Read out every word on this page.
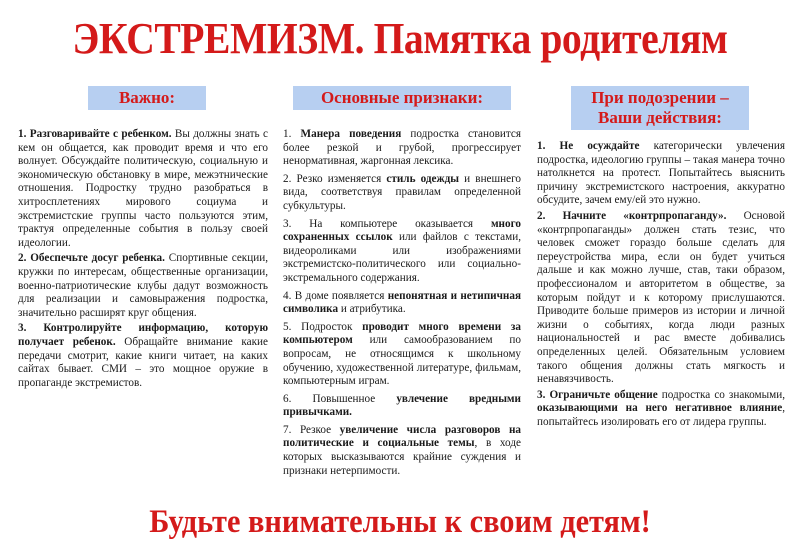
ЭКСТРЕМИЗМ. Памятка родителям
Важно:

1. Разговаривайте с ребенком. Вы должны знать с кем он общается, как проводит время и что его волнует. Обсуждайте политическую, социальную и экономическую обстановку в мире, межэтнические отношения. Подростку трудно разобраться в хитросплетениях мирового социума и экстремистские группы часто пользуются этим, трактуя определенные события в пользу своей идеологии.

2. Обеспечьте досуг ребенка. Спортивные секции, кружки по интересам, общественные организации, военно-патриотические клубы дадут возможность для реализации и самовыражения подростка, значительно расширят круг общения.

3. Контролируйте информацию, которую получает ребенок. Обращайте внимание какие передачи смотрит, какие книги читает, на каких сайтах бывает. СМИ – это мощное оружие в пропаганде экстремистов.

Основные признаки:

1. Манера поведения подростка становится более резкой и грубой, прогрессирует ненормативная, жаргонная лексика.

2. Резко изменяется стиль одежды и внешнего вида, соответствуя правилам определенной субкультуры.

3. На компьютере оказывается много сохраненных ссылок или файлов с текстами, видеороликами или изображениями экстремистско-политического или социально-экстремального содержания.

4. В доме появляется непонятная и нетипичная символика и атрибутика.

5. Подросток проводит много времени за компьютером или самообразованием по вопросам, не относящимся к школьному обучению, художественной литературе, фильмам, компьютерным играм.

6. Повышенное увлечение вредными привычками.

7. Резкое увеличение числа разговоров на политические и социальные темы, в ходе которых высказываются крайние суждения и признаки нетерпимости.

При подозрении – Ваши действия:

1. Не осуждайте категорически увлечения подростка, идеологию группы – такая манера точно натолкнется на протест. Попытайтесь выяснить причину экстремистского настроения, аккуратно обсудите, зачем ему/ей это нужно.

2. Начните «контрпропаганду». Основой «контрпропаганды» должен стать тезис, что человек сможет гораздо больше сделать для переустройства мира, если он будет учиться дальше и как можно лучше, став, таки образом, профессионалом и авторитетом в обществе, за которым пойдут и к которому прислушаются. Приводите больше примеров из истории и личной жизни о событиях, когда люди разных национальностей и рас вместе добивались определенных целей. Обязательным условием такого общения должны стать мягкость и ненавязчивость.

3. Ограничьте общение подростка со знакомыми, оказывающими на него негативное влияние, попытайтесь изолировать его от лидера группы.

Будьте внимательны к своим детям!
